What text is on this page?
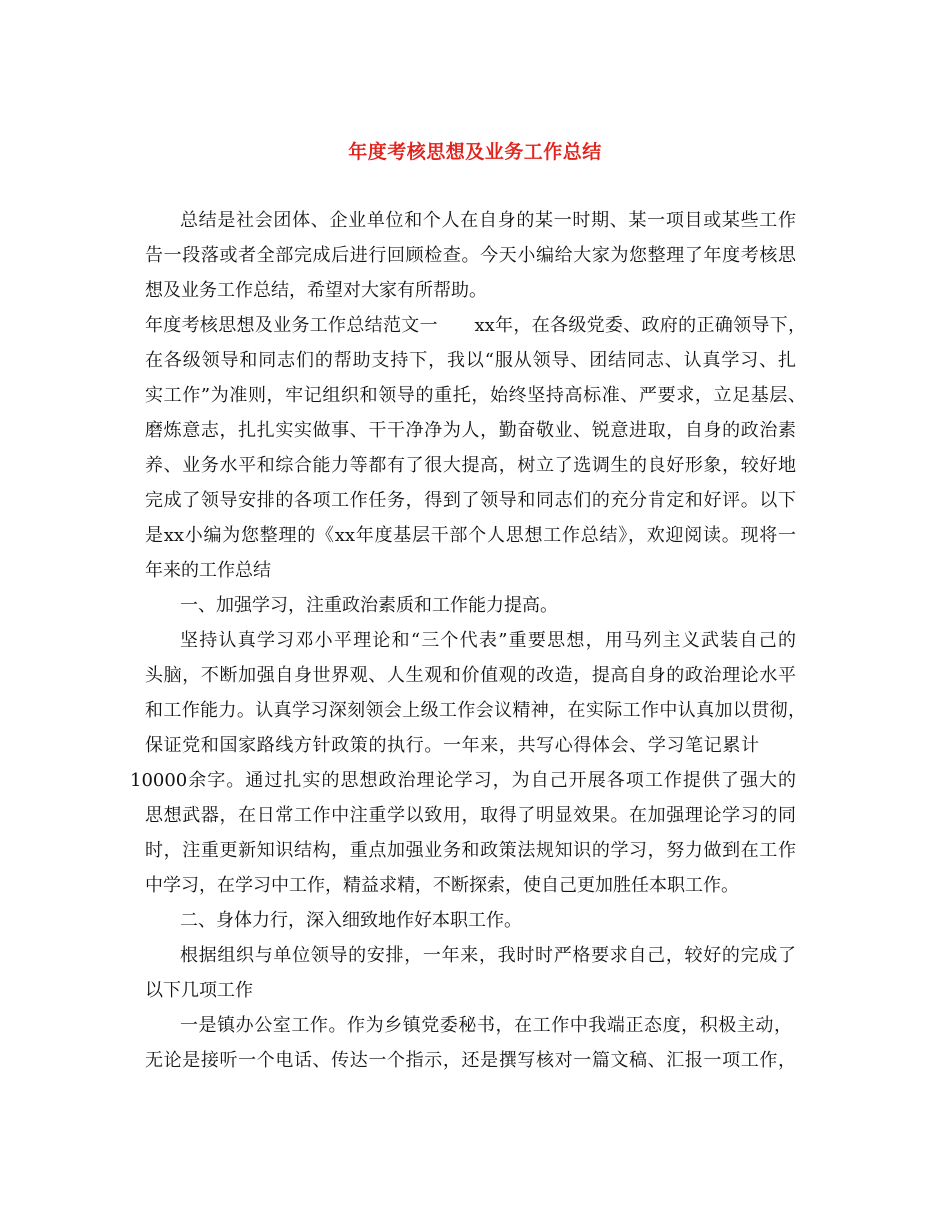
年度考核思想及业务工作总结
总结是社会团体、企业单位和个人在自身的某一时期、某一项目或某些工作
告一段落或者全部完成后进行回顾检查。今天小编给大家为您整理了年度考核思
想及业务工作总结，希望对大家有所帮助。
年度考核思想及业务工作总结范文一　　xx年，在各级党委、政府的正确领导下，
在各级领导和同志们的帮助支持下，我以“服从领导、团结同志、认真学习、扎
实工作”为准则，牢记组织和领导的重托，始终坚持高标准、严要求，立足基层、
磨炼意志，扎扎实实做事、干干净净为人，勤奋敬业、锐意进取，自身的政治素
养、业务水平和综合能力等都有了很大提高，树立了选调生的良好形象，较好地
完成了领导安排的各项工作任务，得到了领导和同志们的充分肯定和好评。以下
是xx小编为您整理的《xx年度基层干部个人思想工作总结》，欢迎阅读。现将一
年来的工作总结
一、加强学习，注重政治素质和工作能力提高。
坚持认真学习邓小平理论和“三个代表”重要思想，用马列主义武装自己的
头脑，不断加强自身世界观、人生观和价值观的改造，提高自身的政治理论水平
和工作能力。认真学习深刻领会上级工作会议精神，在实际工作中认真加以贯彻，
保证党和国家路线方针政策的执行。一年来，共写心得体会、学习笔记累计
10000余字。通过扎实的思想政治理论学习，为自己开展各项工作提供了强大的
思想武器，在日常工作中注重学以致用，取得了明显效果。在加强理论学习的同
时，注重更新知识结构，重点加强业务和政策法规知识的学习，努力做到在工作
中学习，在学习中工作，精益求精，不断探索，使自己更加胜任本职工作。
二、身体力行，深入细致地作好本职工作。
根据组织与单位领导的安排，一年来，我时时严格要求自己，较好的完成了
以下几项工作
一是镇办公室工作。作为乡镇党委秘书，在工作中我端正态度，积极主动，
无论是接听一个电话、传达一个指示，还是撰写核对一篇文稿、汇报一项工作，
